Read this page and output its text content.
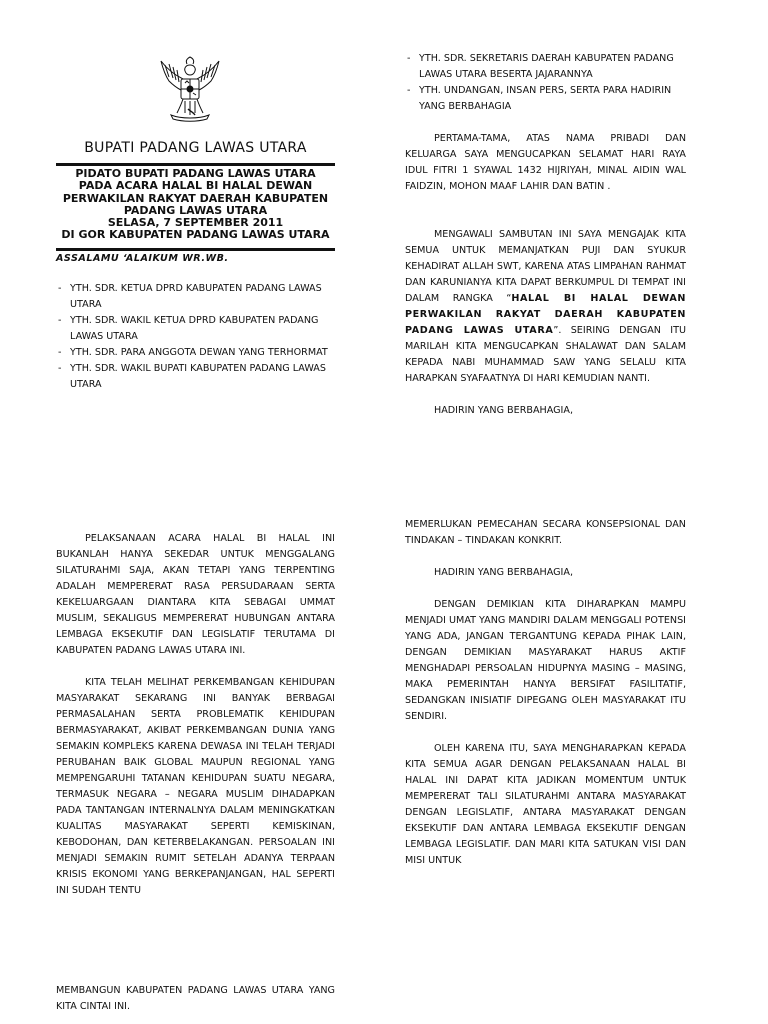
BUPATI PADANG LAWAS UTARA
PIDATO BUPATI PADANG LAWAS UTARA
PADA ACARA HALAL BI HALAL DEWAN
PERWAKILAN RAKYAT DAERAH KABUPATEN
PADANG LAWAS UTARA
SELASA, 7 SEPTEMBER 2011
DI GOR KABUPATEN PADANG LAWAS UTARA
ASSALAMU ‘ALAIKUM WR.WB.
- YTH. SDR. KETUA DPRD KABUPATEN PADANG LAWAS UTARA
- YTH. SDR. WAKIL KETUA DPRD KABUPATEN PADANG LAWAS UTARA
- YTH. SDR. PARA ANGGOTA DEWAN YANG TERHORMAT
- YTH. SDR. WAKIL BUPATI KABUPATEN PADANG LAWAS UTARA
- YTH. SDR. SEKRETARIS DAERAH KABUPATEN PADANG LAWAS UTARA BESERTA JAJARANNYA
- YTH. UNDANGAN, INSAN PERS, SERTA PARA HADIRIN YANG BERBAHAGIA

PERTAMA-TAMA, ATAS NAMA PRIBADI DAN KELUARGA SAYA MENGUCAPKAN SELAMAT HARI RAYA IDUL FITRI 1 SYAWAL 1432 HIJRIYAH, MINAL AIDIN WAL FAIDZIN, MOHON MAAF LAHIR DAN BATIN .

MENGAWALI SAMBUTAN INI SAYA MENGAJAK KITA SEMUA UNTUK MEMANJATKAN PUJI DAN SYUKUR KEHADIRAT ALLAH SWT, KARENA ATAS LIMPAHAN RAHMAT DAN KARUNIANYA KITA DAPAT BERKUMPUL DI TEMPAT INI DALAM RANGKA “HALAL BI HALAL DEWAN PERWAKILAN RAKYAT DAERAH KABUPATEN PADANG LAWAS UTARA”. SEIRING DENGAN ITU MARILAH KITA MENGUCAPKAN SHALAWAT DAN SALAM KEPADA NABI MUHAMMAD SAW YANG SELALU KITA HARAPKAN SYAFAATNYA DI HARI KEMUDIAN NANTI.

HADIRIN YANG BERBAHAGIA,

PELAKSANAAN ACARA HALAL BI HALAL INI BUKANLAH HANYA SEKEDAR UNTUK MENGGALANG SILATURAHMI SAJA, AKAN TETAPI YANG TERPENTING ADALAH MEMPERERAT RASA PERSUDARAAN SERTA KEKELUARGAAN DIANTARA KITA SEBAGAI UMMAT MUSLIM, SEKALIGUS MEMPERERAT HUBUNGAN ANTARA LEMBAGA EKSEKUTIF DAN LEGISLATIF TERUTAMA DI KABUPATEN PADANG LAWAS UTARA INI.

KITA TELAH MELIHAT PERKEMBANGAN KEHIDUPAN MASYARAKAT SEKARANG INI BANYAK BERBAGAI PERMASALAHAN SERTA PROBLEMATIK KEHIDUPAN BERMASYARAKAT, AKIBAT PERKEMBANGAN DUNIA YANG SEMAKIN KOMPLEKS KARENA DEWASA INI TELAH TERJADI PERUBAHAN BAIK GLOBAL MAUPUN REGIONAL YANG MEMPENGARUHI TATANAN KEHIDUPAN SUATU NEGARA, TERMASUK NEGARA – NEGARA MUSLIM DIHADAPKAN PADA TANTANGAN INTERNALNYA DALAM MENINGKATKAN KUALITAS MASYARAKAT SEPERTI KEMISKINAN, KEBODOHAN, DAN KETERBELAKANGAN. PERSOALAN INI MENJADI SEMAKIN RUMIT SETELAH ADANYA TERPAAN KRISIS EKONOMI YANG BERKEPANJANGAN, HAL SEPERTI INI SUDAH TENTU

MEMERLUKAN PEMECAHAN SECARA KONSEPSIONAL DAN TINDAKAN – TINDAKAN KONKRIT.

HADIRIN YANG BERBAHAGIA,

DENGAN DEMIKIAN KITA DIHARAPKAN MAMPU MENJADI UMAT YANG MANDIRI DALAM MENGGALI POTENSI YANG ADA, JANGAN TERGANTUNG KEPADA PIHAK LAIN, DENGAN DEMIKIAN MASYARAKAT HARUS AKTIF MENGHADAPI PERSOALAN HIDUPNYA MASING – MASING, MAKA PEMERINTAH HANYA BERSIFAT FASILITATIF, SEDANGKAN INISIATIF DIPEGANG OLEH MASYARAKAT ITU SENDIRI.

OLEH KARENA ITU, SAYA MENGHARAPKAN KEPADA KITA SEMUA AGAR DENGAN PELAKSANAAN HALAL BI HALAL INI DAPAT KITA JADIKAN MOMENTUM UNTUK MEMPERERAT TALI SILATURAHMI ANTARA MASYARAKAT DENGAN LEGISLATIF, ANTARA MASYARAKAT DENGAN EKSEKUTIF DAN ANTARA LEMBAGA EKSEKUTIF DENGAN LEMBAGA LEGISLATIF. DAN MARI KITA SATUKAN VISI DAN MISI UNTUK

MEMBANGUN KABUPATEN PADANG LAWAS UTARA YANG KITA CINTAI INI.
